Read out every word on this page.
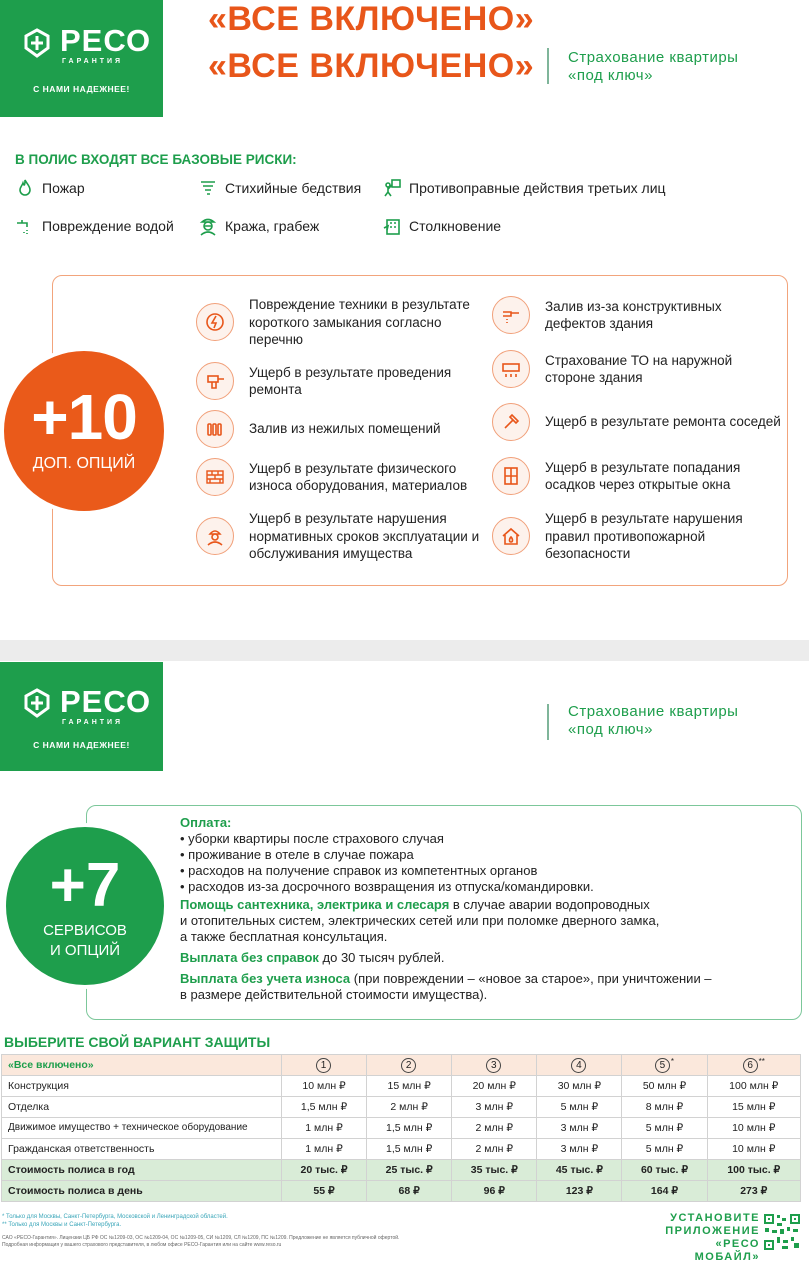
РЕСО
ГАРАНТИЯ
С НАМИ НАДЕЖНЕЕ!
«ВСЕ ВКЛЮЧЕНО» Страхование квартиры
«под ключ»
В ПОЛИС ВХОДЯТ ВСЕ БАЗОВЫЕ РИСКИ:
Пожар	Стихийные бедствия	Противоправные действия третьих лиц
Повреждение водой	Кража, грабеж	Столкновение
+10
ДОП. ОПЦИЙ
Повреждение техники в результате короткого замыкания согласно перечню
Ущерб в результате проведения ремонта
Залив из нежилых помещений
Ущерб в результате физического износа оборудования, материалов
Ущерб в результате нарушения нормативных сроков эксплуатации и обслуживания имущества
Залив из-за конструктивных дефектов здания
Страхование ТО на наружной стороне здания
Ущерб в результате ремонта соседей
Ущерб в результате попадания осадков через открытые окна
Ущерб в результате нарушения правил противопожарной безопасности
РЕСО
ГАРАНТИЯ
С НАМИ НАДЕЖНЕЕ!
«ВСЕ ВКЛЮЧЕНО»
Страхование квартиры
«под ключ»
+7
СЕРВИСОВ
И ОПЦИЙ
Оплата:
• уборки квартиры после страхового случая
• проживание в отеле в случае пожара
• расходов на получение справок из компетентных органов
• расходов из-за досрочного возвращения из отпуска/командировки.
Помощь сантехника, электрика и слесаря в случае аварии водопроводных
и отопительных систем, электрических сетей или при поломке дверного замка,
а также бесплатная консультация.
Выплата без справок до 30 тысяч рублей.
Выплата без учета износа (при повреждении – «новое за старое», при уничтожении –
в размере действительной стоимости имущества).
ВЫБЕРИТЕ СВОЙ ВАРИАНТ ЗАЩИТЫ
«Все включено»	1	2	3	4	5 *	6 **
Конструкция	10 млн ₽	15 млн ₽	20 млн ₽	30 млн ₽	50 млн ₽	100 млн ₽
Отделка	1,5 млн ₽	2 млн ₽	3 млн ₽	5 млн ₽	8 млн ₽	15 млн ₽
Движимое имущество + техническое оборудование	1 млн ₽	1,5 млн ₽	2 млн ₽	3 млн ₽	5 млн ₽	10 млн ₽
Гражданская ответственность	1 млн ₽	1,5 млн ₽	2 млн ₽	3 млн ₽	5 млн ₽	10 млн ₽
Стоимость полиса в год	20 тыс. ₽	25 тыс. ₽	35 тыс. ₽	45 тыс. ₽	60 тыс. ₽	100 тыс. ₽
Стоимость полиса в день	55 ₽	68 ₽	96 ₽	123 ₽	164 ₽	273 ₽
* Только для Москвы, Санкт-Петербурга, Московской и Ленинградской областей.
** Только для Москвы и Санкт-Петербурга.
САО «РЕСО-Гарантия». Лицензии ЦБ РФ ОС №1209-03, ОС №1209-04, ОС №1209-05, СИ №1209, СЛ №1209, ПС №1209. Предложение не является публичной офертой.
Подробная информация у вашего страхового представителя, в любом офисе РЕСО-Гарантия или на сайте www.reso.ru
УСТАНОВИТЕ
ПРИЛОЖЕНИЕ
«РЕСО МОБАЙЛ»
